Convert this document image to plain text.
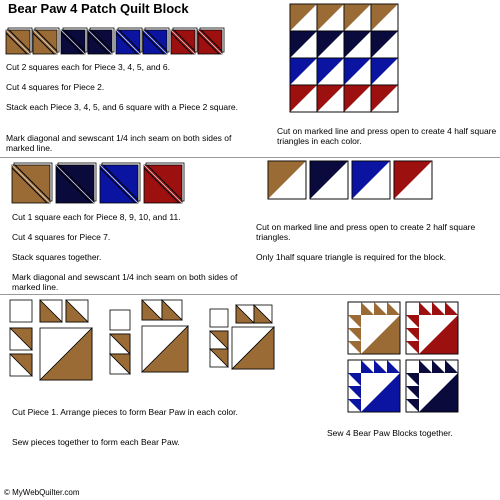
Bear Paw 4 Patch Quilt Block
Cut 2 squares each for Piece 3, 4, 5, and 6.
Cut 4 squares for Piece 2.
Stack each Piece 3, 4, 5, and 6 square with a Piece 2 square.
Mark diagonal and sewscant 1/4 inch seam on both sides of marked line.
Cut on marked line and press open to create 4 half square triangles in each color.
Cut 1 square each for Piece 8, 9, 10, and 11.
Cut 4 squares for Piece 7.
Stack squares together.
Mark diagonal and sewscant 1/4 inch seam on both sides of marked line.
Cut on marked line and press open to create 2 half square triangles.
Only 1half square triangle is required for the block.
Cut Piece 1. Arrange pieces to form Bear Paw in each color.
Sew pieces together to form each Bear Paw.
Sew 4 Bear Paw Blocks together.
© MyWebQuilter.com
